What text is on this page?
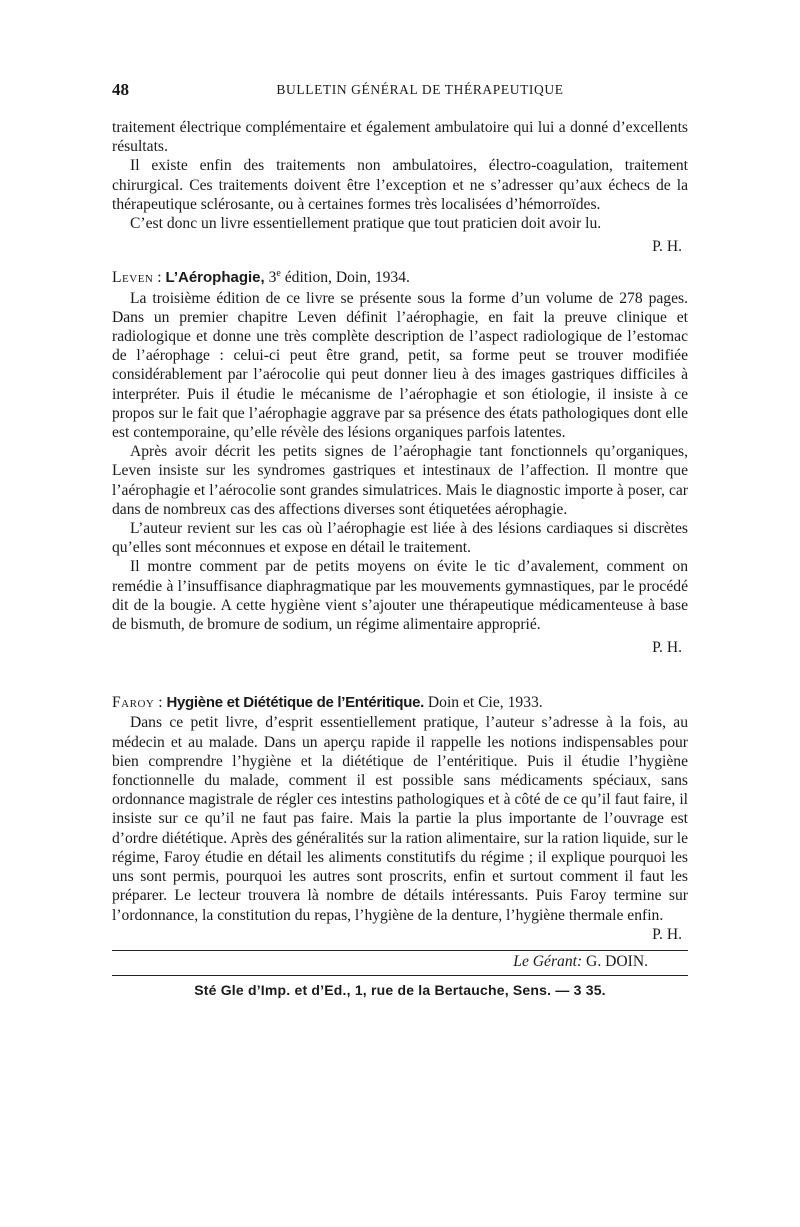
48	BULLETIN GÉNÉRAL DE THÉRAPEUTIQUE

traitement électrique complémentaire et également ambulatoire qui lui a donné d’excellents résultats.

Il existe enfin des traitements non ambulatoires, électro-coagulation, traitement chirurgical. Ces traitements doivent être l’exception et ne s’adresser qu’aux échecs de la thérapeutique sclérosante, ou à certaines formes très localisées d’hémorroïdes.

C’est donc un livre essentiellement pratique que tout praticien doit avoir lu.

P. H.
Leven : L’Aérophagie, 3e édition, Doin, 1934.

La troisième édition de ce livre se présente sous la forme d’un volume de 278 pages. Dans un premier chapitre Leven définit l’aérophagie, en fait la preuve clinique et radiologique et donne une très complète description de l’aspect radiologique de l’estomac de l’aérophage : celui-ci peut être grand, petit, sa forme peut se trouver modifiée considérablement par l’aérocolie qui peut donner lieu à des images gastriques difficiles à interpréter. Puis il étudie le mécanisme de l’aérophagie et son étiologie, il insiste à ce propos sur le fait que l’aérophagie aggrave par sa présence des états pathologiques dont elle est contemporaine, qu’elle révèle des lésions organiques parfois latentes.

Après avoir décrit les petits signes de l’aérophagie tant fonctionnels qu’organiques, Leven insiste sur les syndromes gastriques et intestinaux de l’affection. Il montre que l’aérophagie et l’aérocolie sont grandes simulatrices. Mais le diagnostic importe à poser, car dans de nombreux cas des affections diverses sont étiquetées aérophagie.

L’auteur revient sur les cas où l’aérophagie est liée à des lésions cardiaques si discrètes qu’elles sont méconnues et expose en détail le traitement.

Il montre comment par de petits moyens on évite le tic d’avalement, comment on remédie à l’insuffisance diaphragmatique par les mouvements gymnastiques, par le procédé dit de la bougie. A cette hygiène vient s’ajouter une thérapeutique médicamenteuse à base de bismuth, de bromure de sodium, un régime alimentaire approprié.

P. H.
Faroy : Hygiène et Diététique de l’Entéritique. Doin et Cie, 1933.

Dans ce petit livre, d’esprit essentiellement pratique, l’auteur s’adresse à la fois, au médecin et au malade. Dans un aperçu rapide il rappelle les notions indispensables pour bien comprendre l’hygiène et la diététique de l’entéritique. Puis il étudie l’hygiène fonctionnelle du malade, comment il est possible sans médicaments spéciaux, sans ordonnance magistrale de régler ces intestins pathologiques et à côté de ce qu’il faut faire, il insiste sur ce qu’il ne faut pas faire. Mais la partie la plus importante de l’ouvrage est d’ordre diététique. Après des généralités sur la ration alimentaire, sur la ration liquide, sur le régime, Faroy étudie en détail les aliments constitutifs du régime ; il explique pourquoi les uns sont permis, pourquoi les autres sont proscrits, enfin et surtout comment il faut les préparer. Le lecteur trouvera là nombre de détails intéressants. Puis Faroy termine sur l’ordonnance, la constitution du repas, l’hygiène de la denture, l’hygiène thermale enfin.

P. H.
Le Gérant: G. DOIN.
Sté Gle d’Imp. et d’Ed., 1, rue de la Bertauche, Sens. — 3 35.
